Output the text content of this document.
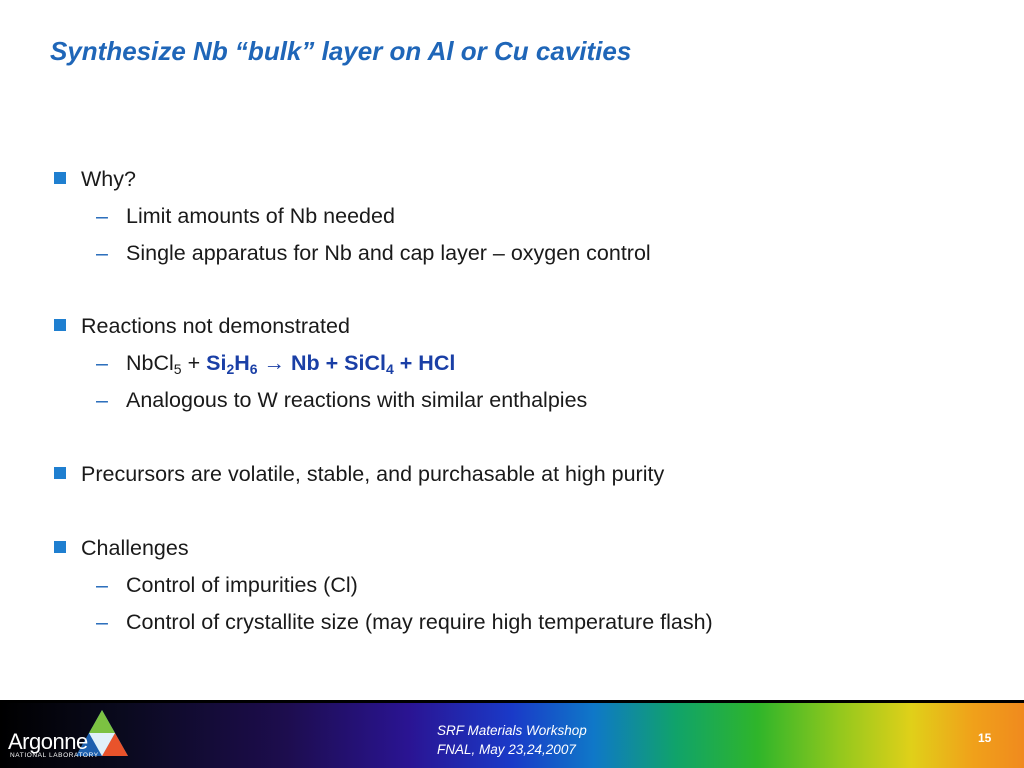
Synthesize Nb “bulk” layer on Al or Cu cavities
Why?
– Limit amounts of Nb needed
– Single apparatus for Nb and cap layer – oxygen control
Reactions not demonstrated
– NbCl$_5$ + $Si_2H_6 \to Nb$ + SiCl$_4$ + HCl
– Analogous to W reactions with similar enthalpies
Precursors are volatile, stable, and purchasable at high purity
Challenges
– Control of impurities (Cl)
– Control of crystallite size (may require high temperature flash)
Argonne
NATIONAL LABORATORY
SRF Materials Workshop
FNAL, May 23,24,2007
15
